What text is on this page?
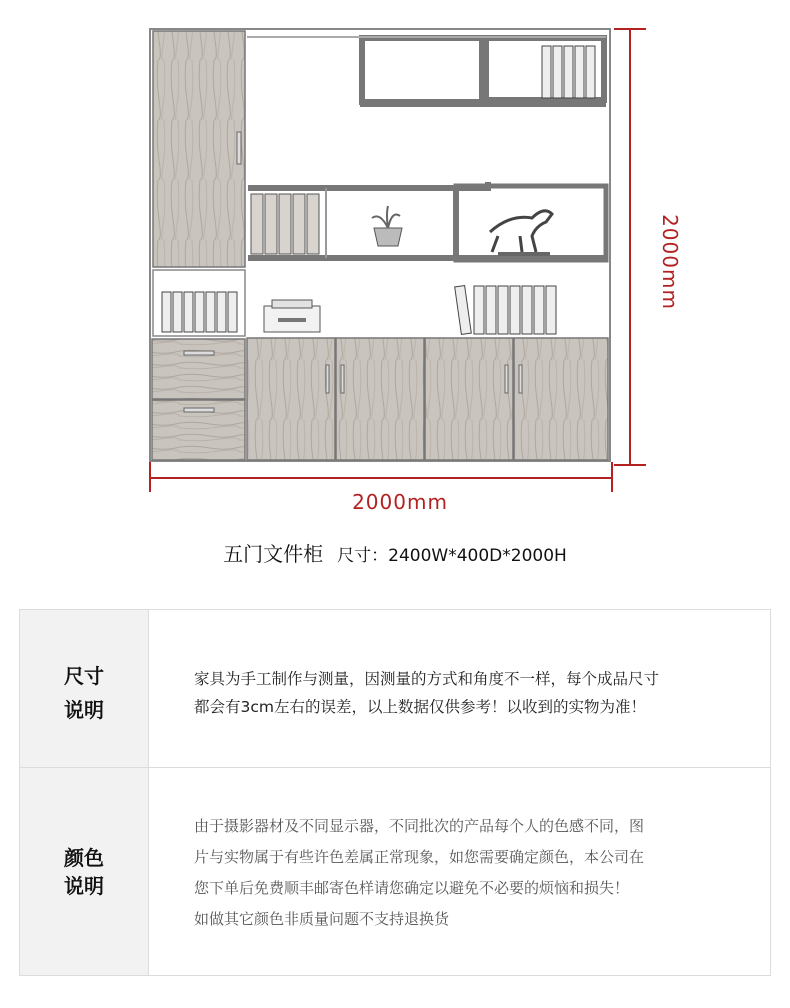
2000mm
2000mm
五门文件柜 尺寸：2400W*400D*2000H
尺寸
说明

家具为手工制作与测量，因测量的方式和角度不一样，每个成品尺寸

都会有3cm左右的误差，以上数据仅供参考！以收到的实物为准！

颜色
说明

由于摄影器材及不同显示器，不同批次的产品每个人的色感不同，图

片与实物属于有些许色差属正常现象，如您需要确定颜色，本公司在

您下单后免费顺丰邮寄色样请您确定以避免不必要的烦恼和损失！

如做其它颜色非质量问题不支持退换货
